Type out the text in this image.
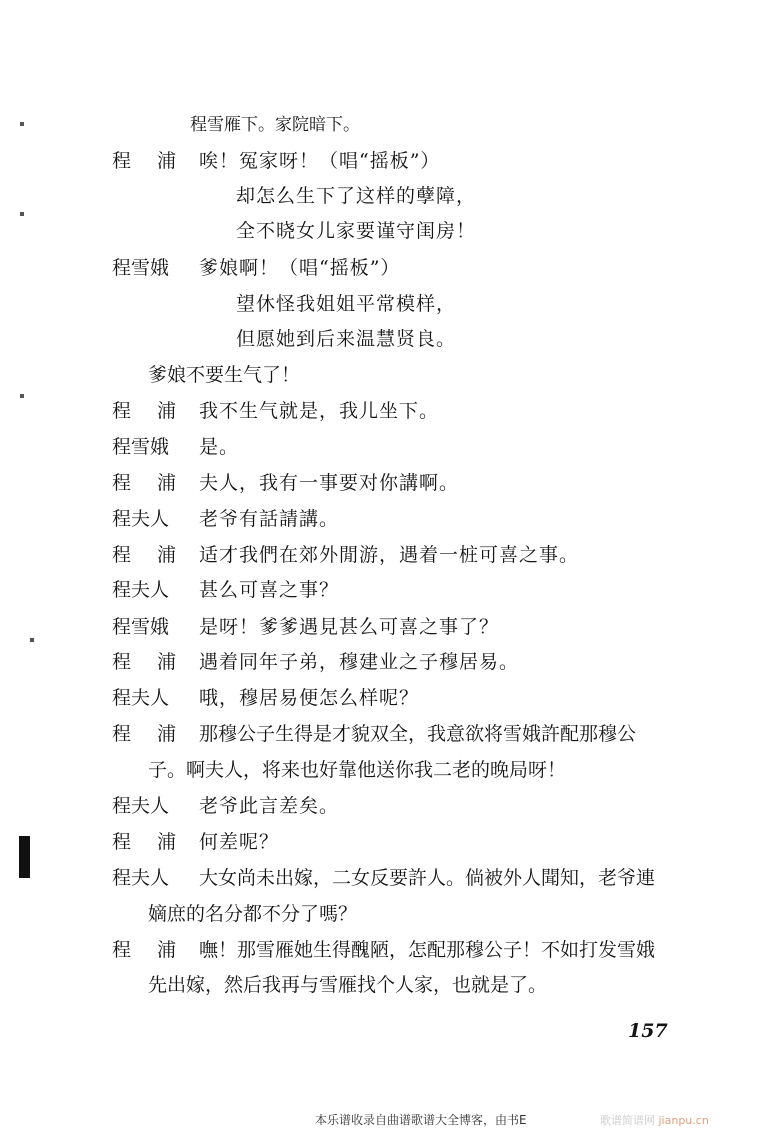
程雪雁下。家院暗下。
程浦
唉！冤家呀！（唱“摇板”）
却怎么生下了这样的孽障，
全不晓女儿家要谨守闺房！
程雪娥 爹娘啊！（唱“摇板”）
望休怪我姐姐平常模样，
但愿她到后来温慧贤良。
爹娘不要生气了！
程浦
我不生气就是，我儿坐下。
程雪娥 是。
程浦
夫人，我有一事要对你講啊。
程夫人 老爷有話請講。
程浦
适才我們在郊外閒游，遇着一桩可喜之事。
程夫人 甚么可喜之事？
程雪娥 是呀！爹爹遇見甚么可喜之事了？
程浦
遇着同年子弟，穆建业之子穆居易。
程夫人 哦，穆居易便怎么样呢？
程浦
那穆公子生得是才貌双全，我意欲将雪娥許配那穆公
子。啊夫人，将来也好靠他送你我二老的晚局呀！
程夫人 老爷此言差矣。
程浦
何差呢？
程夫人 大女尚未出嫁，二女反要許人。倘被外人聞知，老爷連
嫡庶的名分都不分了嗎？
程浦
嘸！那雪雁她生得醜陋，怎配那穆公子！不如打发雪娥
先出嫁，然后我再与雪雁找个人家，也就是了。
157
本乐谱收录自曲谱歌谱大全博客，由书E	歌谱简谱网 jianpu.cn
